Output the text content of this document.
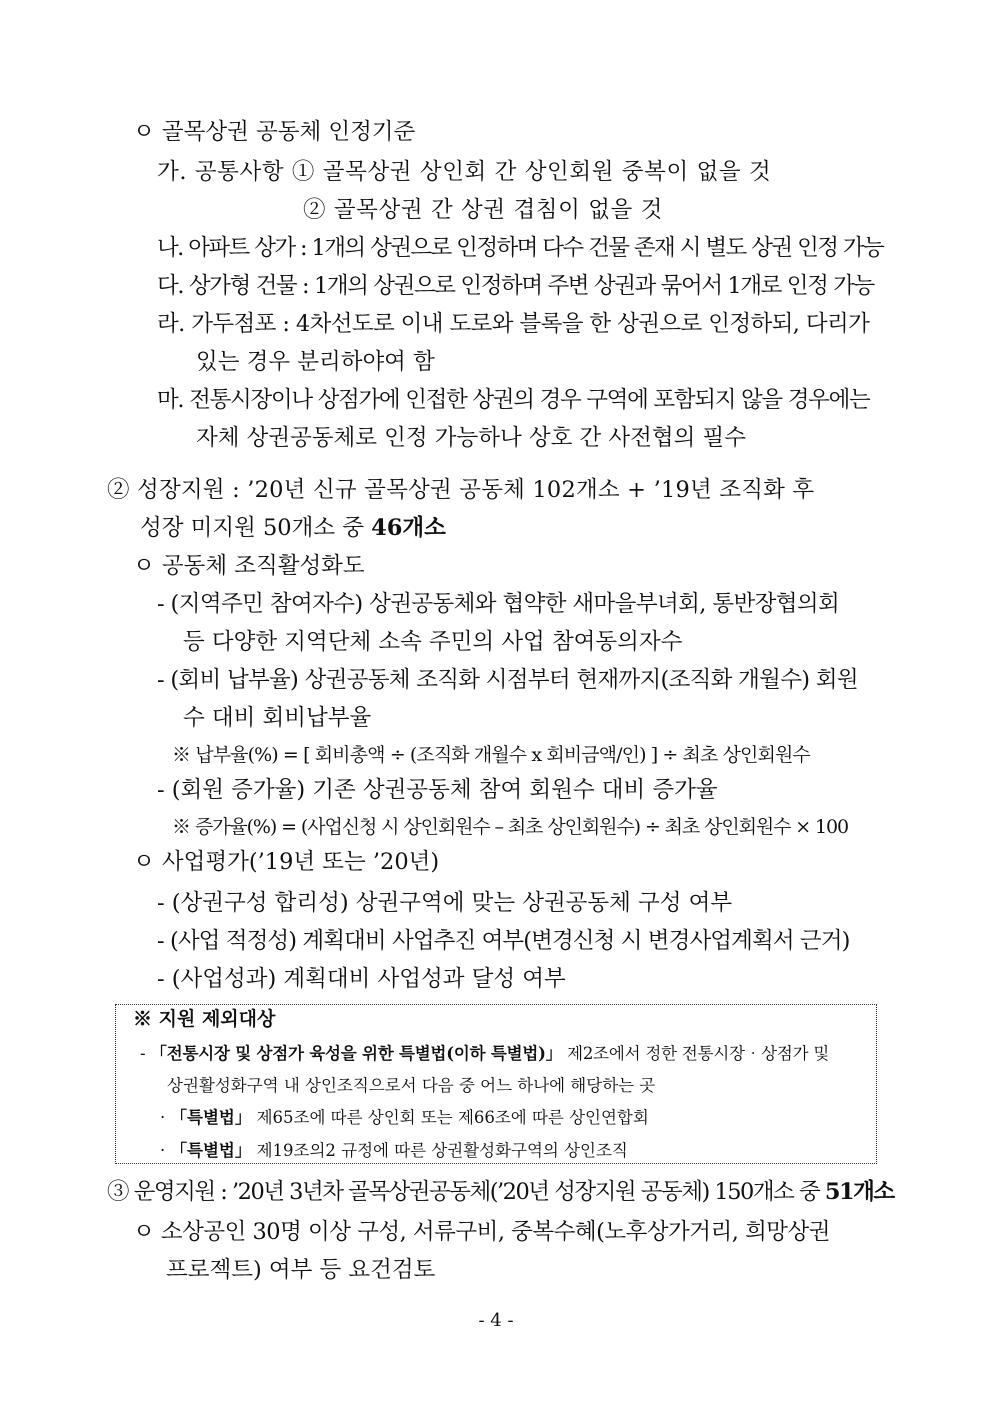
ㅇ 골목상권 공동체 인정기준
가. 공통사항 ① 골목상권 상인회 간 상인회원 중복이 없을 것
② 골목상권 간 상권 겹침이 없을 것
나. 아파트 상가 : 1개의 상권으로 인정하며 다수 건물 존재 시 별도 상권 인정 가능
다. 상가형 건물 : 1개의 상권으로 인정하며 주변 상권과 묶어서 1개로 인정 가능
라. 가두점포 : 4차선도로 이내 도로와 블록을 한 상권으로 인정하되, 다리가
있는 경우 분리하야여 함
마. 전통시장이나 상점가에 인접한 상권의 경우 구역에 포함되지 않을 경우에는
자체 상권공동체로 인정 가능하나 상호 간 사전협의 필수
② 성장지원 : ’20년 신규 골목상권 공동체 102개소 + ’19년 조직화 후
성장 미지원 50개소 중 46개소
ㅇ 공동체 조직활성화도
- (지역주민 참여자수) 상권공동체와 협약한 새마을부녀회, 통반장협의회
등 다양한 지역단체 소속 주민의 사업 참여동의자수
- (회비 납부율) 상권공동체 조직화 시점부터 현재까지(조직화 개월수) 회원
수 대비 회비납부율
※ 납부율(%) = [ 회비총액 ÷ (조직화 개월수 x 회비금액/인) ] ÷ 최초 상인회원수
- (회원 증가율) 기존 상권공동체 참여 회원수 대비 증가율
※ 증가율(%) = (사업신청 시 상인회원수 – 최초 상인회원수) ÷ 최초 상인회원수 × 100
ㅇ 사업평가(’19년 또는 ’20년)
- (상권구성 합리성) 상권구역에 맞는 상권공동체 구성 여부
- (사업 적정성) 계획대비 사업추진 여부(변경신청 시 변경사업계획서 근거)
- (사업성과) 계획대비 사업성과 달성 여부
※ 지원 제외대상
- 「전통시장 및 상점가 육성을 위한 특별법(이하 특별법)」 제2조에서 정한 전통시장‧상점가 및
상권활성화구역 내 상인조직으로서 다음 중 어느 하나에 해당하는 곳
· 「특별법」 제65조에 따른 상인회 또는 제66조에 따른 상인연합회
· 「특별법」 제19조의2 규정에 따른 상권활성화구역의 상인조직
③ 운영지원 : ’20년 3년차 골목상권공동체(’20년 성장지원 공동체) 150개소 중 51개소
ㅇ 소상공인 30명 이상 구성, 서류구비, 중복수혜(노후상가거리, 희망상권
프로젝트) 여부 등 요건검토
- 4 -
